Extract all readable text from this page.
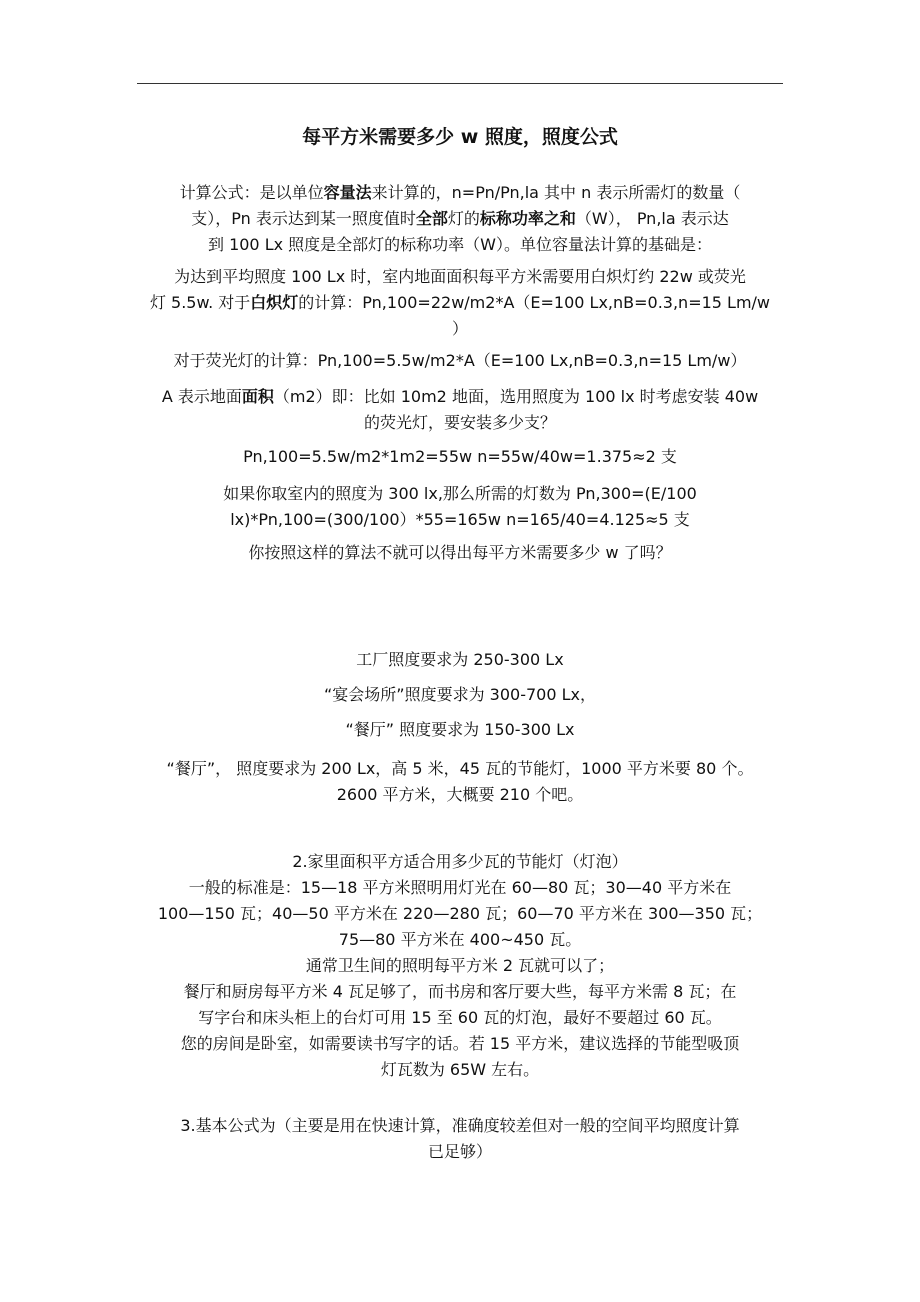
每平方米需要多少 w 照度，照度公式
计算公式：是以单位容量法来计算的，n=Pn/Pn,la 其中 n 表示所需灯的数量（
支），Pn 表示达到某一照度值时全部灯的标称功率之和（W）， Pn,la 表示达
到 100 Lx 照度是全部灯的标称功率（W）。单位容量法计算的基础是：
为达到平均照度 100 Lx 时，室内地面面积每平方米需要用白炽灯约 22w 或荧光
灯 5.5w. 对于白炽灯的计算：Pn,100=22w/m2*A（E=100 Lx,nB=0.3,n=15 Lm/w
）
对于荧光灯的计算：Pn,100=5.5w/m2*A（E=100 Lx,nB=0.3,n=15 Lm/w）
A 表示地面面积（m2）即：比如 10m2 地面，选用照度为 100 lx 时考虑安装 40w
的荧光灯，要安装多少支？
Pn,100=5.5w/m2*1m2=55w n=55w/40w=1.375≈2 支
如果你取室内的照度为 300 lx,那么所需的灯数为 Pn,300=(E/100
lx)*Pn,100=(300/100）*55=165w n=165/40=4.125≈5 支
你按照这样的算法不就可以得出每平方米需要多少 w 了吗？
工厂照度要求为 250-300 Lx
“宴会场所”照度要求为 300-700 Lx，
“餐厅” 照度要求为 150-300 Lx
“餐厅”， 照度要求为 200 Lx，高 5 米，45 瓦的节能灯，1000 平方米要 80 个。
2600 平方米，大概要 210 个吧。
2.家里面积平方适合用多少瓦的节能灯（灯泡）
一般的标准是：15—18 平方米照明用灯光在 60—80 瓦；30—40 平方米在
100—150 瓦；40—50 平方米在 220—280 瓦；60—70 平方米在 300—350 瓦；
75—80 平方米在 400~450 瓦。
通常卫生间的照明每平方米 2 瓦就可以了；
餐厅和厨房每平方米 4 瓦足够了，而书房和客厅要大些，每平方米需 8 瓦；在
写字台和床头柜上的台灯可用 15 至 60 瓦的灯泡，最好不要超过 60 瓦。
您的房间是卧室，如需要读书写字的话。若 15 平方米，建议选择的节能型吸顶
灯瓦数为 65W 左右。
3.基本公式为（主要是用在快速计算，准确度较差但对一般的空间平均照度计算
已足够）
